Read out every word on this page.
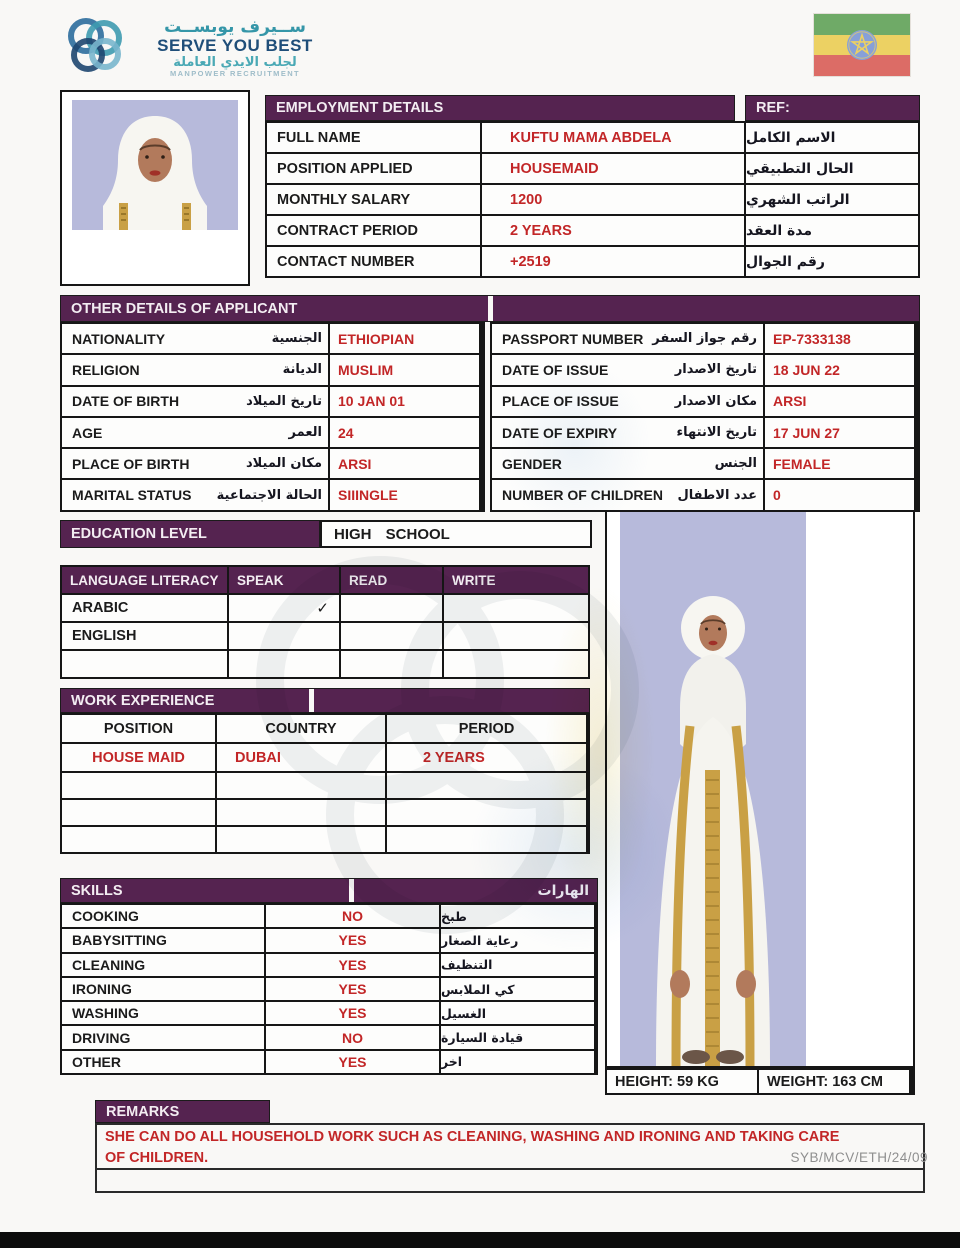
ســيرف يوبســت
SERVE YOU BEST
لجلب الايدي العاملة
MANPOWER RECRUITMENT
EMPLOYMENT DETAILS	REF:
FULL NAME	KUFTU MAMA ABDELA	الاسم الكامل
POSITION APPLIED	HOUSEMAID	الحال التطبيقي
MONTHLY SALARY	1200	الراتب الشهري
CONTRACT PERIOD	2 YEARS	مدة العقد
CONTACT NUMBER	+2519	رقم الجوال
OTHER DETAILS OF APPLICANT
NATIONALITY	الجنسية	ETHIOPIAN
RELIGION	الديانة	MUSLIM
DATE OF BIRTH	تاريخ الميلاد	10 JAN 01
AGE	العمر	24
PLACE OF BIRTH	مكان الميلاد	ARSI
MARITAL STATUS الحالة الاجتماعية	SIIINGLE
PASSPORT NUMBER رقم جواز السفر	EP-7333138
DATE OF ISSUE	تاريخ الاصدار	18 JUN 22
PLACE OF ISSUE	مكان الاصدار	ARSI
DATE OF EXPIRY	تاريخ الانتهاء	17 JUN 27
GENDER	الجنس	FEMALE
NUMBER OF CHILDREN عدد الاطفال	0
EDUCATION LEVEL	HIGH SCHOOL
LANGUAGE LITERACY	SPEAK	READ	WRITE
ARABIC	✓
ENGLISH
WORK EXPERIENCE
POSITION	COUNTRY	PERIOD
HOUSE MAID	DUBAI	2 YEARS
SKILLS	الهارات
COOKING	NO	طبخ
BABYSITTING	YES	رعاية الصغار
CLEANING	YES	التنظيف
IRONING	YES	كي الملابس
WASHING	YES	الغسيل
DRIVING	NO	قيادة السيارة
OTHER	YES	اخر
HEIGHT: 59 KG	WEIGHT: 163 CM
REMARKS
SHE CAN DO ALL HOUSEHOLD WORK SUCH AS CLEANING, WASHING AND IRONING AND TAKING CARE OF CHILDREN.	SYB/MCV/ETH/24/09
